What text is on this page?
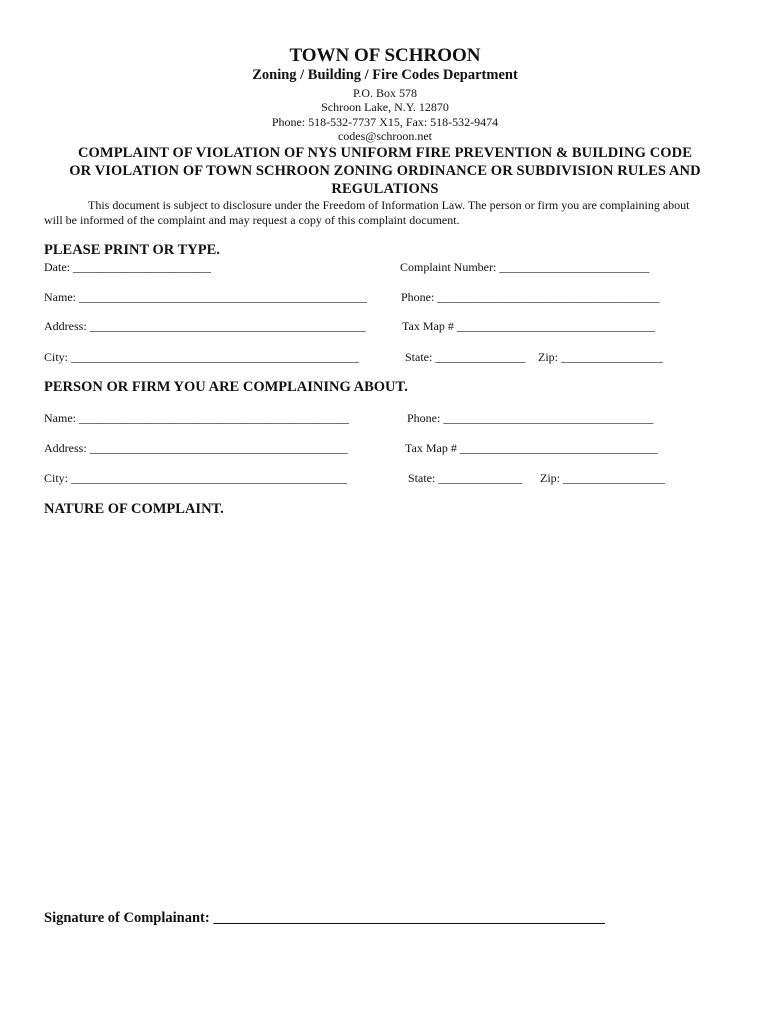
TOWN OF SCHROON
Zoning / Building / Fire Codes Department
P.O. Box 578
Schroon Lake, N.Y. 12870
Phone: 518-532-7737 X15, Fax: 518-532-9474
codes@schroon.net
COMPLAINT OF VIOLATION OF NYS UNIFORM FIRE PREVENTION & BUILDING CODE
OR VIOLATION OF TOWN SCHROON ZONING ORDINANCE OR SUBDIVISION RULES AND
REGULATIONS
This document is subject to disclosure under the Freedom of Information Law. The person or firm you are complaining about
will be informed of the complaint and may request a copy of this complaint document.
PLEASE PRINT OR TYPE.
Date: _______________________	Complaint Number: _________________________
Name: ________________________________________________	Phone: _____________________________________
Address: ______________________________________________	Tax Map # _________________________________
City: ________________________________________________	State: _______________ Zip: _________________
PERSON OR FIRM YOU ARE COMPLAINING ABOUT.
Name: _____________________________________________	Phone: ___________________________________
Address: ___________________________________________	Tax Map # _________________________________
City: ______________________________________________	State: ______________ Zip: _________________
NATURE OF COMPLAINT.
Signature of Complainant: ______________________________________________________
